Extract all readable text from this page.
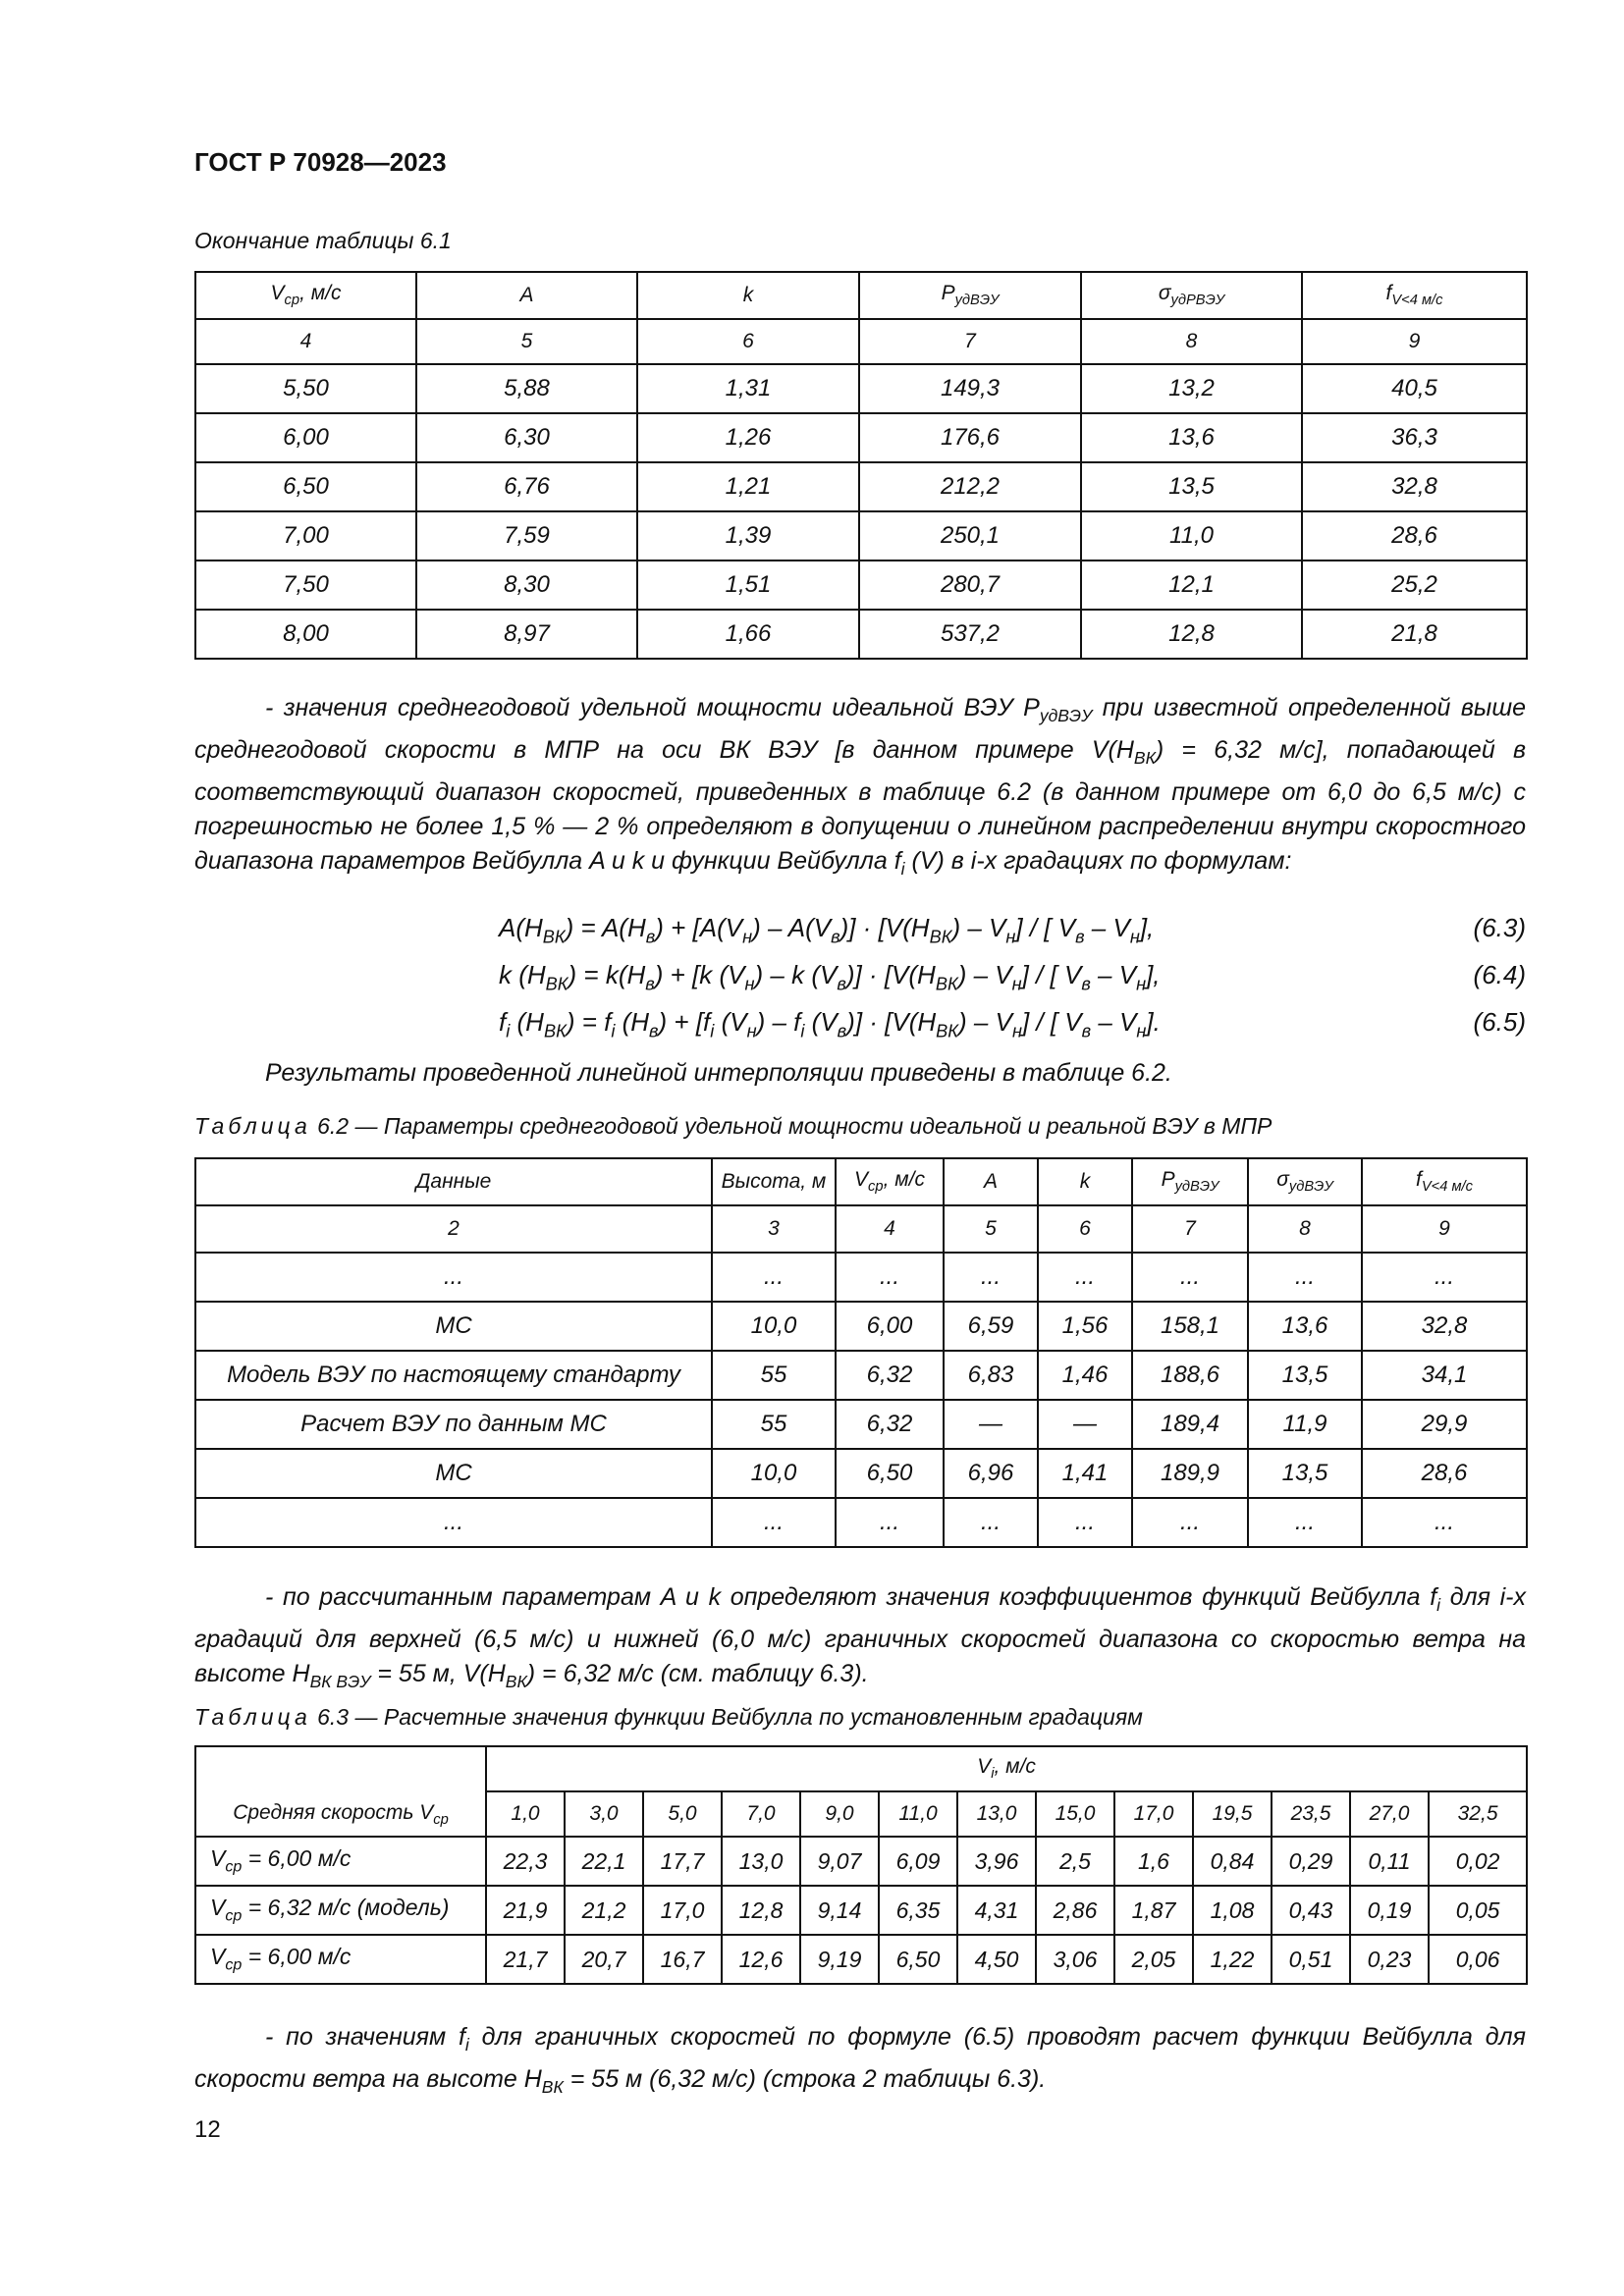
ГОСТ Р 70928—2023
Окончание таблицы 6.1
$V_{ср}$, м/с	A	k	$P_{удВЭУ}$	$\sigma_{удРВЭУ}$	$f_{V<4 м/с}$
4	5	6	7	8	9
5,50	5,88	1,31	149,3	13,2	40,5
6,00	6,30	1,26	176,6	13,6	36,3
6,50	6,76	1,21	212,2	13,5	32,8
7,00	7,59	1,39	250,1	11,0	28,6
7,50	8,30	1,51	280,7	12,1	25,2
8,00	8,97	1,66	537,2	12,8	21,8
- значения среднегодовой удельной мощности идеальной ВЭУ $P_{удВЭУ}$ при известной определенной выше среднегодовой скорости в МПР на оси ВК ВЭУ [в данном примере $V(H_{ВК}) = 6,32$ м/с], попадающей в соответствующий диапазон скоростей, приведенных в таблице 6.2 (в данном примере от 6,0 до 6,5 м/с) с погрешностью не более 1,5 % — 2 % определяют в допущении о линейном распределении внутри скоростного диапазона параметров Вейбулла A и k и функции Вейбулла $f_i$ (V) в i-х градациях по формулам:
$A(H_{ВК}) = A(H_в) + [A(V_н) - A(V_в)] \cdot [V(H_{ВК}) - V_н]$ / [ $V_в - V_н$],	(6.3)
k $(H_{ВК}) = k(H_в) + [k$ $(V_н)$ – k $(V_в)] \cdot [V(H_{ВК}) - V_н]$ / [ $V_в - V_н$],	(6.4)
$f_i$ $(H_{ВК}) = f_i$ $(H_в) + [f_i$ $(V_н) - f_i$ $(V_в)] \cdot [V(H_{ВК}) - V_н]$ / [ $V_в - V_н$].	(6.5)
Результаты проведенной линейной интерполяции приведены в таблице 6.2.
Таблица 6.2 — Параметры среднегодовой удельной мощности идеальной и реальной ВЭУ в МПР
Данные	Высота, м	$V_{ср}$, м/с	A	k	$P_{удВЭУ}$	$\sigma_{удВЭУ}$	$f_{V<4 м/с}$
2	3	4	5	6	7	8	9
...	...	...	...	...	...	...	...
МС	10,0	6,00	6,59	1,56	158,1	13,6	32,8
Модель ВЭУ по настоящему стандарту	55	6,32	6,83	1,46	188,6	13,5	34,1
Расчет ВЭУ по данным МС	55	6,32	—	—	189,4	11,9	29,9
МС	10,0	6,50	6,96	1,41	189,9	13,5	28,6
...	...	...	...	...	...	...	...
- по рассчитанным параметрам A и k определяют значения коэффициентов функций Вейбулла $f_i$ для i-х градаций для верхней (6,5 м/с) и нижней (6,0 м/с) граничных скоростей диапазона со скоростью ветра на высоте $H_{ВК ВЭУ} = 55$ м, $V(H_{ВК}) = 6,32$ м/с (см. таблицу 6.3).
Таблица 6.3 — Расчетные значения функции Вейбулла по установленным градациям
Средняя скорость $V_{ср}$	$V_i$, м/с												
	1,0	3,0	5,0	7,0	9,0	11,0	13,0	15,0	17,0	19,5	23,5	27,0	32,5
$V_{ср} = 6,00$ м/с	22,3	22,1	17,7	13,0	9,07	6,09	3,96	2,5	1,6	0,84	0,29	0,11	0,02
$V_{ср} = 6,32$ м/с (модель)	21,9	21,2	17,0	12,8	9,14	6,35	4,31	2,86	1,87	1,08	0,43	0,19	0,05
$V_{ср} = 6,00$ м/с	21,7	20,7	16,7	12,6	9,19	6,50	4,50	3,06	2,05	1,22	0,51	0,23	0,06
- по значениям $f_i$ для граничных скоростей по формуле (6.5) проводят расчет функции Вейбулла для скорости ветра на высоте $H_{ВК} = 55$ м (6,32 м/с) (строка 2 таблицы 6.3).
12
